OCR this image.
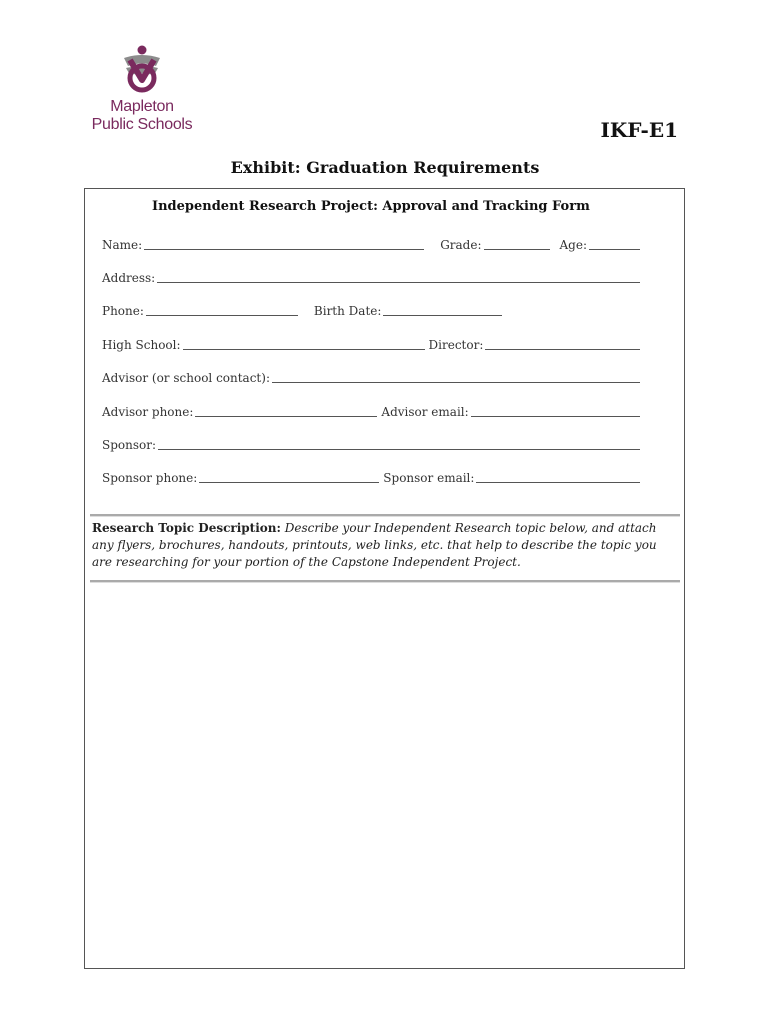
Mapleton
Public Schools	IKF-E1
Exhibit: Graduation Requirements
Independent Research Project: Approval and Tracking Form
Name:	Grade:	Age:
Address:
Phone:	Birth Date:
High School:	Director:
Advisor (or school contact):
Advisor phone:	Advisor email:
Sponsor:
Sponsor phone:	Sponsor email:
Research Topic Description: Describe your Independent Research topic below, and attach any flyers, brochures, handouts, printouts, web links, etc. that help to describe the topic you are researching for your portion of the Capstone Independent Project.
